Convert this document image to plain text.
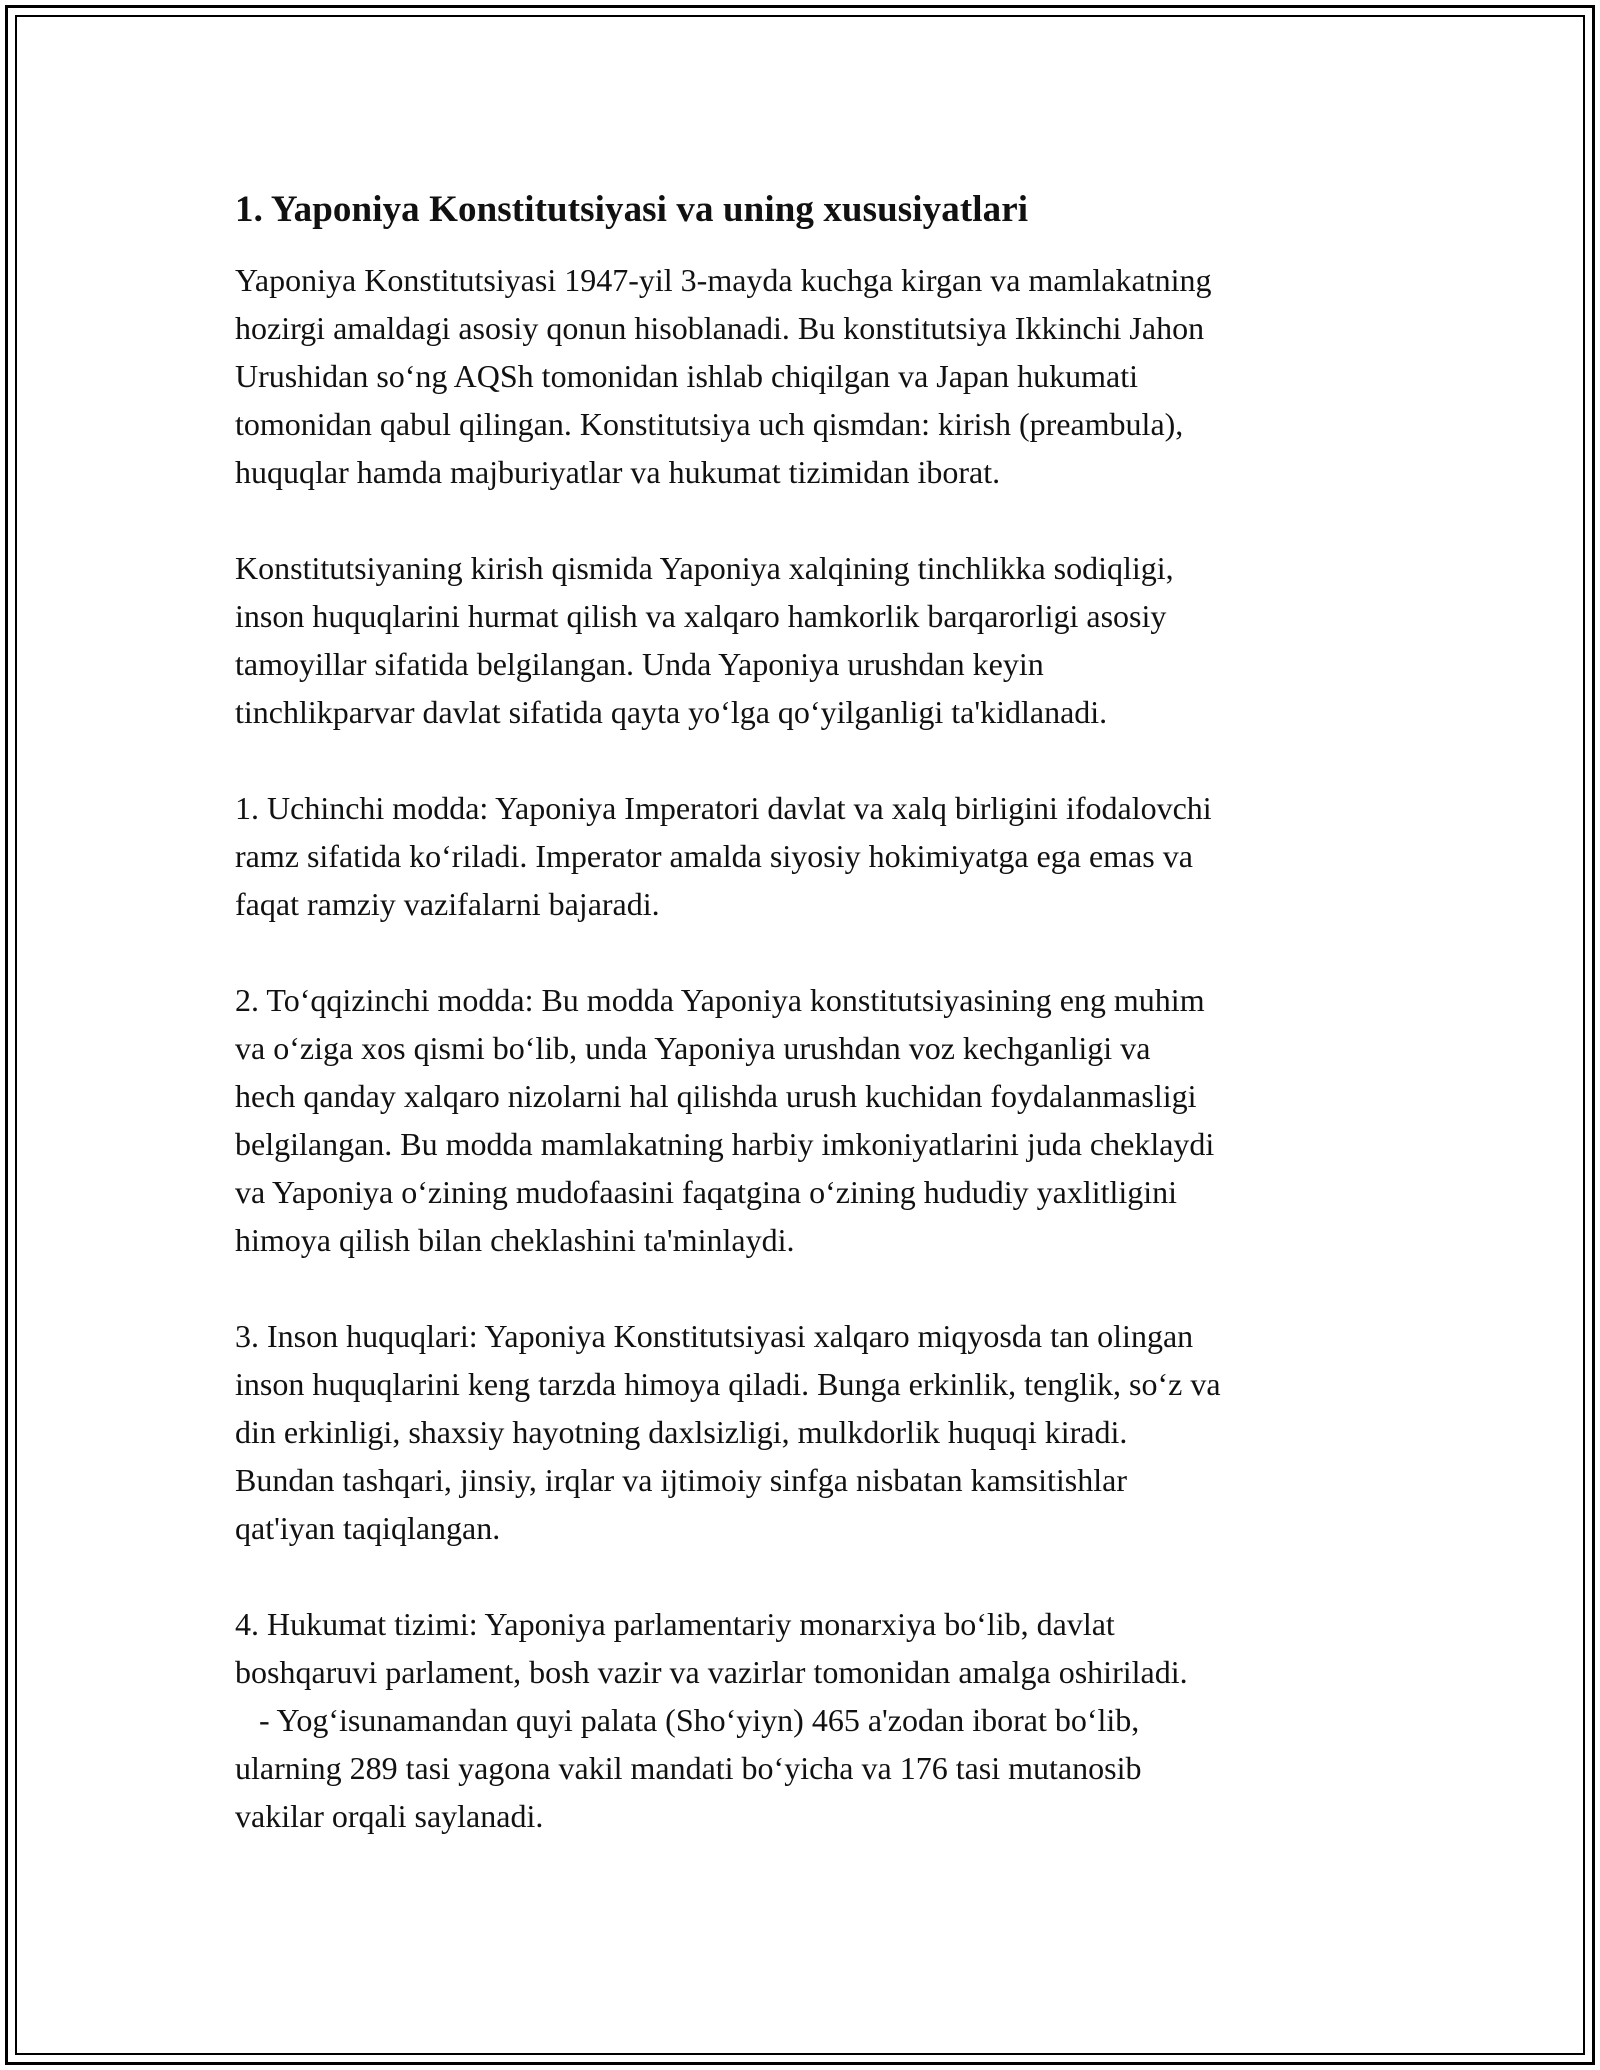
1. Yaponiya Konstitutsiyasi va uning xususiyatlari

Yaponiya Konstitutsiyasi 1947-yil 3-mayda kuchga kirgan va mamlakatning
hozirgi amaldagi asosiy qonun hisoblanadi. Bu konstitutsiya Ikkinchi Jahon
Urushidan so‘ng AQSh tomonidan ishlab chiqilgan va Japan hukumati
tomonidan qabul qilingan. Konstitutsiya uch qismdan: kirish (preambula),
huquqlar hamda majburiyatlar va hukumat tizimidan iborat.

Konstitutsiyaning kirish qismida Yaponiya xalqining tinchlikka sodiqligi,
inson huquqlarini hurmat qilish va xalqaro hamkorlik barqarorligi asosiy
tamoyillar sifatida belgilangan. Unda Yaponiya urushdan keyin
tinchlikparvar davlat sifatida qayta yo‘lga qo‘yilganligi ta'kidlanadi.

1. Uchinchi modda: Yaponiya Imperatori davlat va xalq birligini ifodalovchi
ramz sifatida ko‘riladi. Imperator amalda siyosiy hokimiyatga ega emas va
faqat ramziy vazifalarni bajaradi.

2. To‘qqizinchi modda: Bu modda Yaponiya konstitutsiyasining eng muhim
va o‘ziga xos qismi bo‘lib, unda Yaponiya urushdan voz kechganligi va
hech qanday xalqaro nizolarni hal qilishda urush kuchidan foydalanmasligi
belgilangan. Bu modda mamlakatning harbiy imkoniyatlarini juda cheklaydi
va Yaponiya o‘zining mudofaasini faqatgina o‘zining hududiy yaxlitligini
himoya qilish bilan cheklashini ta'minlaydi.

3. Inson huquqlari: Yaponiya Konstitutsiyasi xalqaro miqyosda tan olingan
inson huquqlarini keng tarzda himoya qiladi. Bunga erkinlik, tenglik, so‘z va
din erkinligi, shaxsiy hayotning daxlsizligi, mulkdorlik huquqi kiradi.
Bundan tashqari, jinsiy, irqlar va ijtimoiy sinfga nisbatan kamsitishlar
qat'iyan taqiqlangan.

4. Hukumat tizimi: Yaponiya parlamentariy monarxiya bo‘lib, davlat
boshqaruvi parlament, bosh vazir va vazirlar tomonidan amalga oshiriladi.
- Yog‘isunamandan quyi palata (Sho‘yiyn) 465 a'zodan iborat bo‘lib,
ularning 289 tasi yagona vakil mandati bo‘yicha va 176 tasi mutanosib
vakilar orqali saylanadi.
